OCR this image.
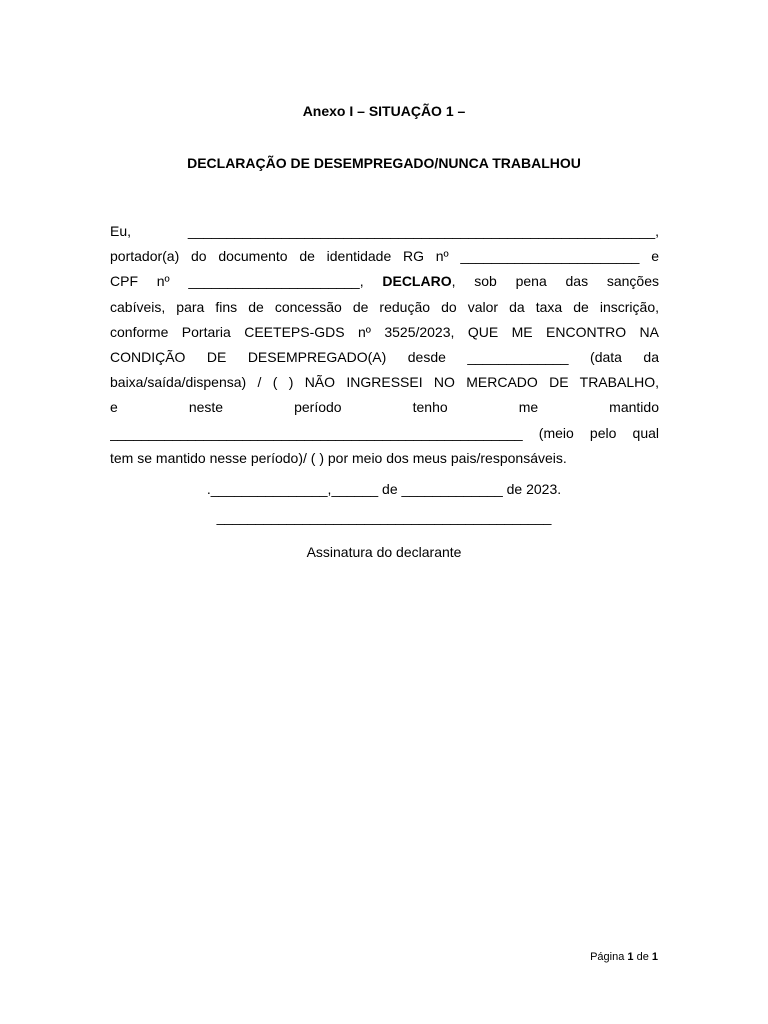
Anexo I – SITUAÇÃO 1 –
DECLARAÇÃO DE DESEMPREGADO/NUNCA TRABALHOU
Eu, ____________________________________________________________,
portador(a) do documento de identidade RG nº _______________________ e
CPF nº ______________________, DECLARO, sob pena das sanções
cabíveis, para fins de concessão de redução do valor da taxa de inscrição,
conforme Portaria CEETEPS-GDS nº 3525/2023, QUE ME ENCONTRO NA
CONDIÇÃO DE DESEMPREGADO(A) desde _____________ (data da
baixa/saída/dispensa) / ( ) NÃO INGRESSEI NO MERCADO DE TRABALHO,
e neste período tenho me mantido
_____________________________________________________ (meio pelo qual
tem se mantido nesse período)/ ( ) por meio dos meus pais/responsáveis.
._______________,______ de _____________ de 2023.
___________________________________________
Assinatura do declarante
Página 1 de 1
